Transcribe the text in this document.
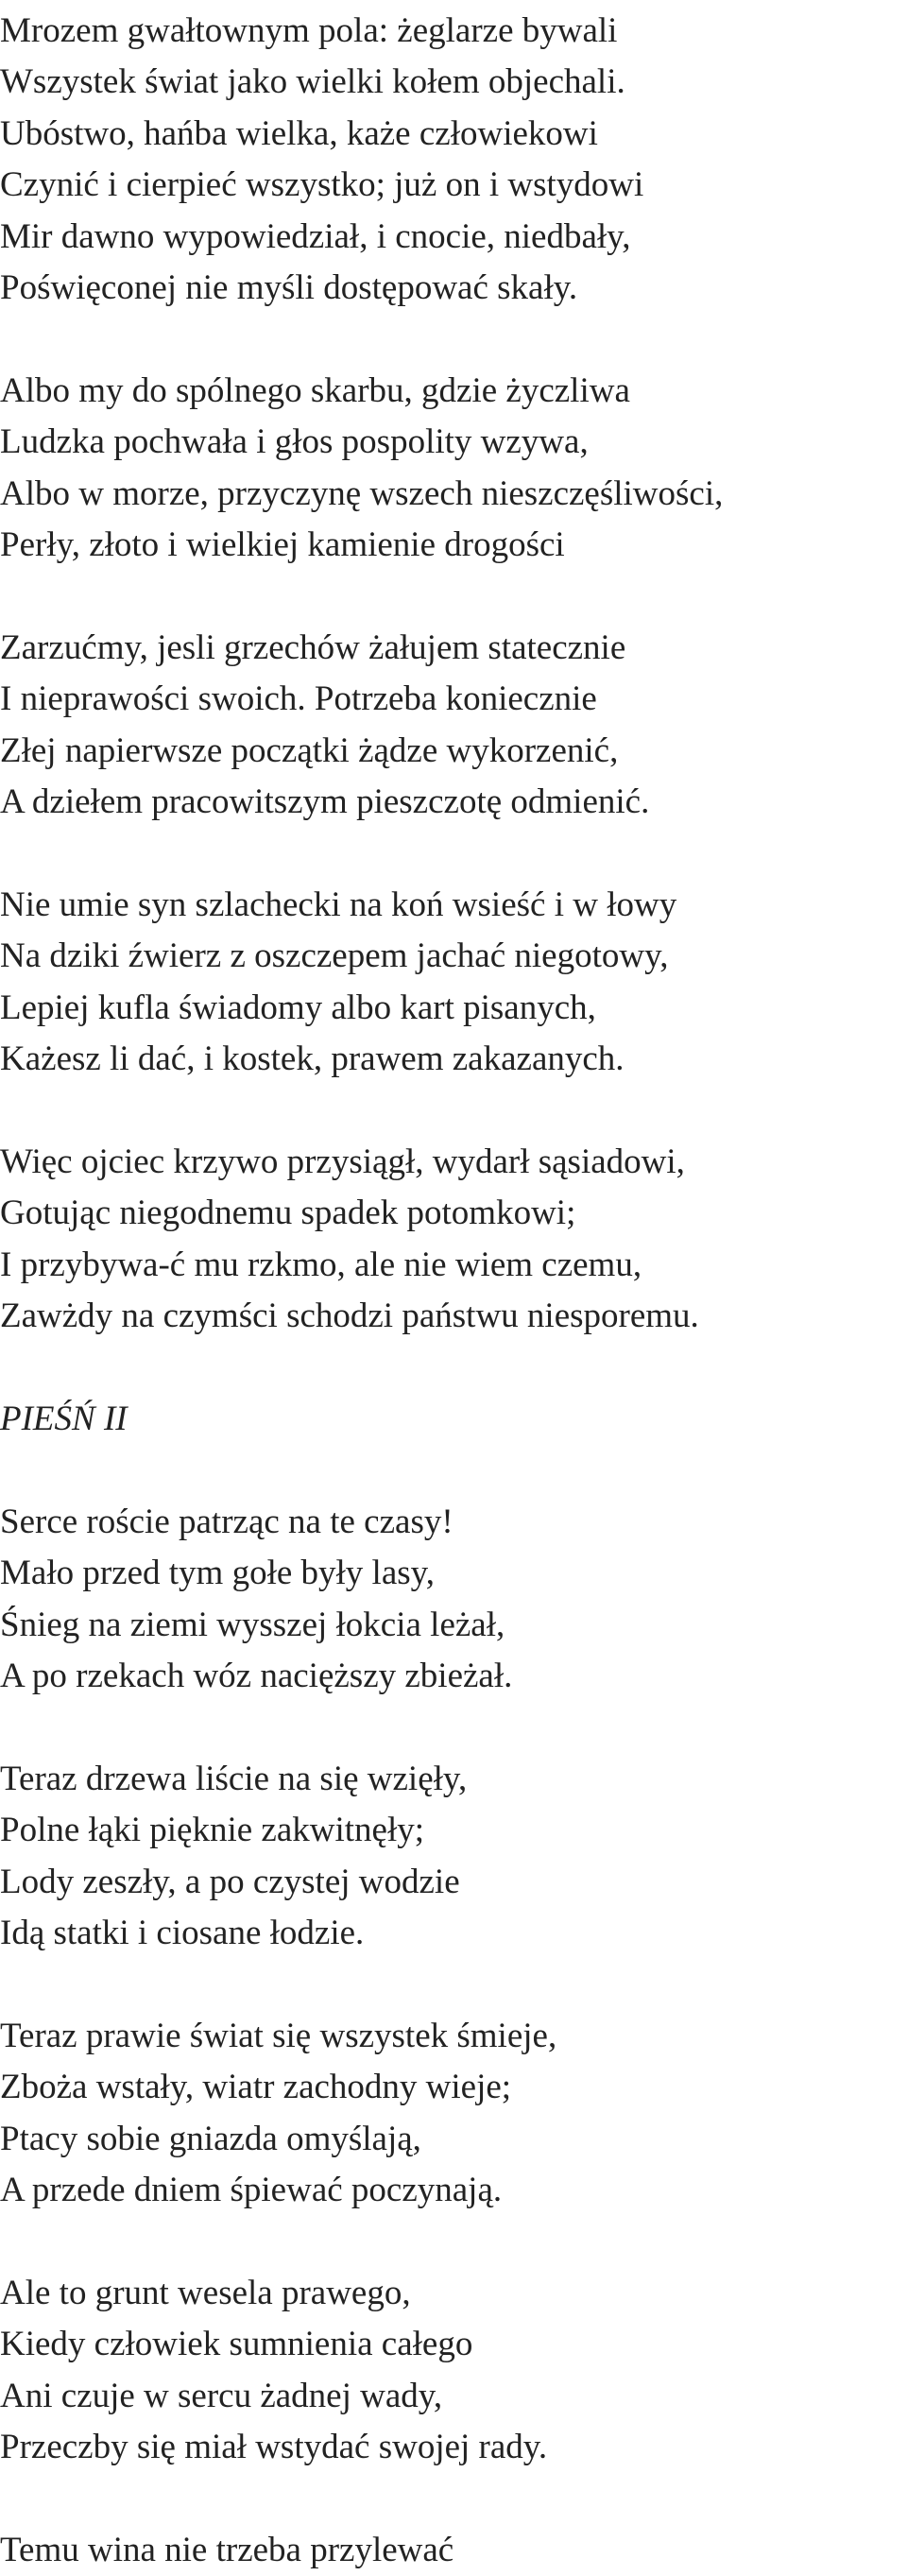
Mrozem gwałtownym pola: żeglarze bywali
Wszystek świat jako wielki kołem objechali.
Ubóstwo, hańba wielka, każe człowiekowi
Czynić i cierpieć wszystko; już on i wstydowi
Mir dawno wypowiedział, i cnocie, niedbały,
Poświęconej nie myśli dostępować skały.
Albo my do spólnego skarbu, gdzie życzliwa
Ludzka pochwała i głos pospolity wzywa,
Albo w morze, przyczynę wszech nieszczęśliwości,
Perły, złoto i wielkiej kamienie drogości
Zarzućmy, jesli grzechów żałujem statecznie
I nieprawości swoich. Potrzeba koniecznie
Złej napierwsze początki żądze wykorzenić,
A dziełem pracowitszym pieszczotę odmienić.
Nie umie syn szlachecki na koń wsieść i w łowy
Na dziki źwierz z oszczepem jachać niegotowy,
Lepiej kufla świadomy albo kart pisanych,
Każesz li dać, i kostek, prawem zakazanych.
Więc ojciec krzywo przysiągł, wydarł sąsiadowi,
Gotując niegodnemu spadek potomkowi;
I przybywa-ć mu rzkmo, ale nie wiem czemu,
Zawżdy na czymści schodzi państwu niesporemu.
PIEŚŃ II
Serce roście patrząc na te czasy!
Mało przed tym gołe były lasy,
Śnieg na ziemi wysszej łokcia leżał,
A po rzekach wóz nacięższy zbieżał.
Teraz drzewa liście na się wzięły,
Polne łąki pięknie zakwitnęły;
Lody zeszły, a po czystej wodzie
Idą statki i ciosane łodzie.
Teraz prawie świat się wszystek śmieje,
Zboża wstały, wiatr zachodny wieje;
Ptacy sobie gniazda omyślają,
A przede dniem śpiewać poczynają.
Ale to grunt wesela prawego,
Kiedy człowiek sumnienia całego
Ani czuje w sercu żadnej wady,
Przeczby się miał wstydać swojej rady.
Temu wina nie trzeba przylewać
